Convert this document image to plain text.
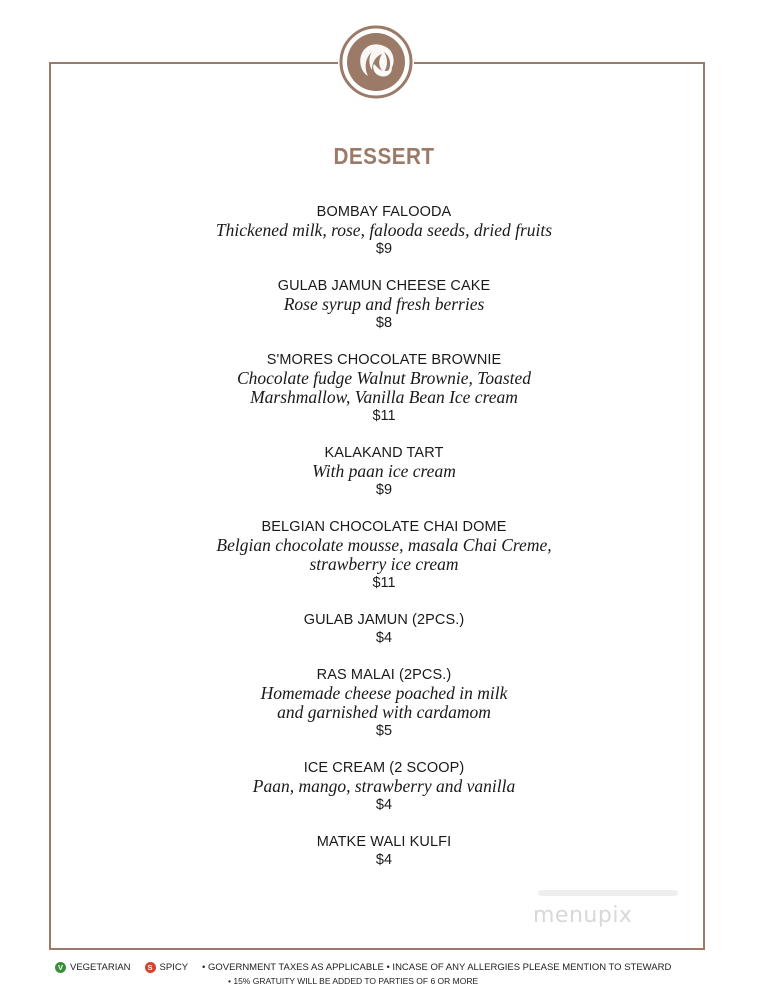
DESSERT
BOMBAY FALOODA
Thickened milk, rose, falooda seeds, dried fruits
$9
GULAB JAMUN CHEESE CAKE
Rose syrup and fresh berries
$8
S'MORES CHOCOLATE BROWNIE
Chocolate fudge Walnut Brownie, Toasted
Marshmallow, Vanilla Bean Ice cream
$11
KALAKAND TART
With paan ice cream
$9
BELGIAN CHOCOLATE CHAI DOME
Belgian chocolate mousse, masala Chai Creme,
strawberry ice cream
$11
GULAB JAMUN (2PCS.)
$4
RAS MALAI (2PCS.)
Homemade cheese poached in milk
and garnished with cardamom
$5
ICE CREAM (2 SCOOP)
Paan, mango, strawberry and vanilla
$4
MATKE WALI KULFI
$4
menupix
V VEGETARIAN	S SPICY • GOVERNMENT TAXES AS APPLICABLE • INCASE OF ANY ALLERGIES PLEASE MENTION TO STEWARD
• 15% GRATUITY WILL BE ADDED TO PARTIES OF 6 OR MORE
